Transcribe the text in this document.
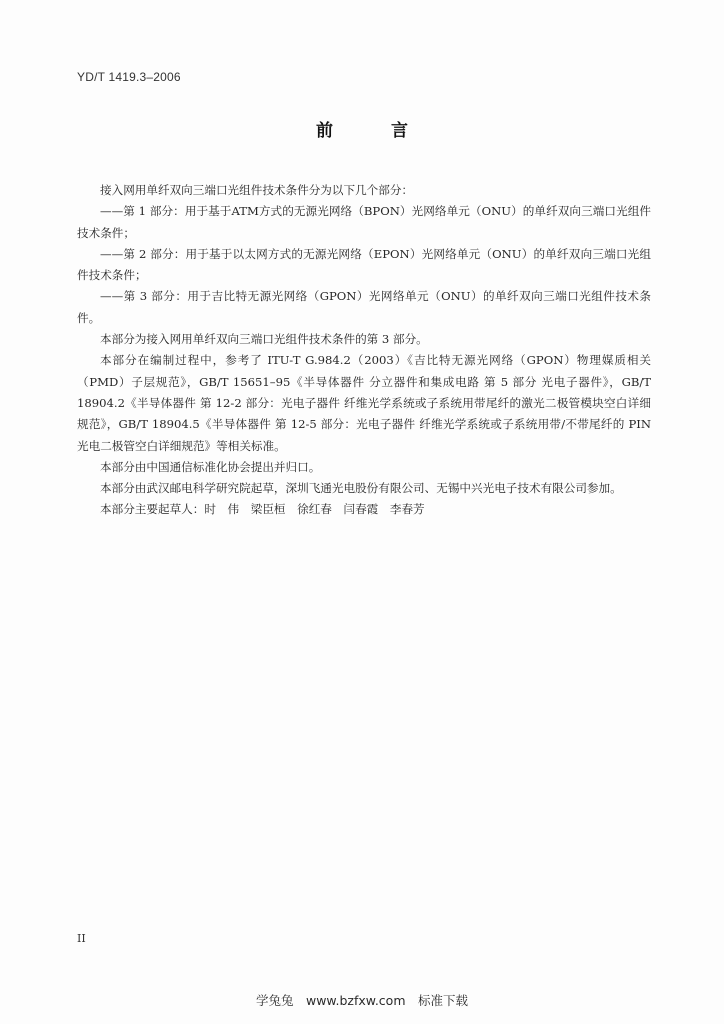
YD/T 1419.3–2006
前 言

接入网用单纤双向三端口光组件技术条件分为以下几个部分：

——第 1 部分：用于基于ATM方式的无源光网络（BPON）光网络单元（ONU）的单纤双向三端口光组件技术条件；

——第 2 部分：用于基于以太网方式的无源光网络（EPON）光网络单元（ONU）的单纤双向三端口光组件技术条件；

——第 3 部分：用于吉比特无源光网络（GPON）光网络单元（ONU）的单纤双向三端口光组件技术条件。

本部分为接入网用单纤双向三端口光组件技术条件的第 3 部分。

本部分在编制过程中，参考了 ITU-T G.984.2（2003）《吉比特无源光网络（GPON）物理媒质相关（PMD）子层规范》，GB/T 15651–95《半导体器件 分立器件和集成电路 第 5 部分 光电子器件》，GB/T 18904.2《半导体器件 第 12-2 部分：光电子器件 纤维光学系统或子系统用带尾纤的激光二极管模块空白详细规范》，GB/T 18904.5《半导体器件 第 12-5 部分：光电子器件 纤维光学系统或子系统用带/不带尾纤的 PIN 光电二极管空白详细规范》等相关标准。

本部分由中国通信标准化协会提出并归口。

本部分由武汉邮电科学研究院起草，深圳飞通光电股份有限公司、无锡中兴光电子技术有限公司参加。

本部分主要起草人：时　伟　梁臣桓　徐红春　闫春霞　李春芳

II
学兔兔　www.bzfxw.com　标准下载
